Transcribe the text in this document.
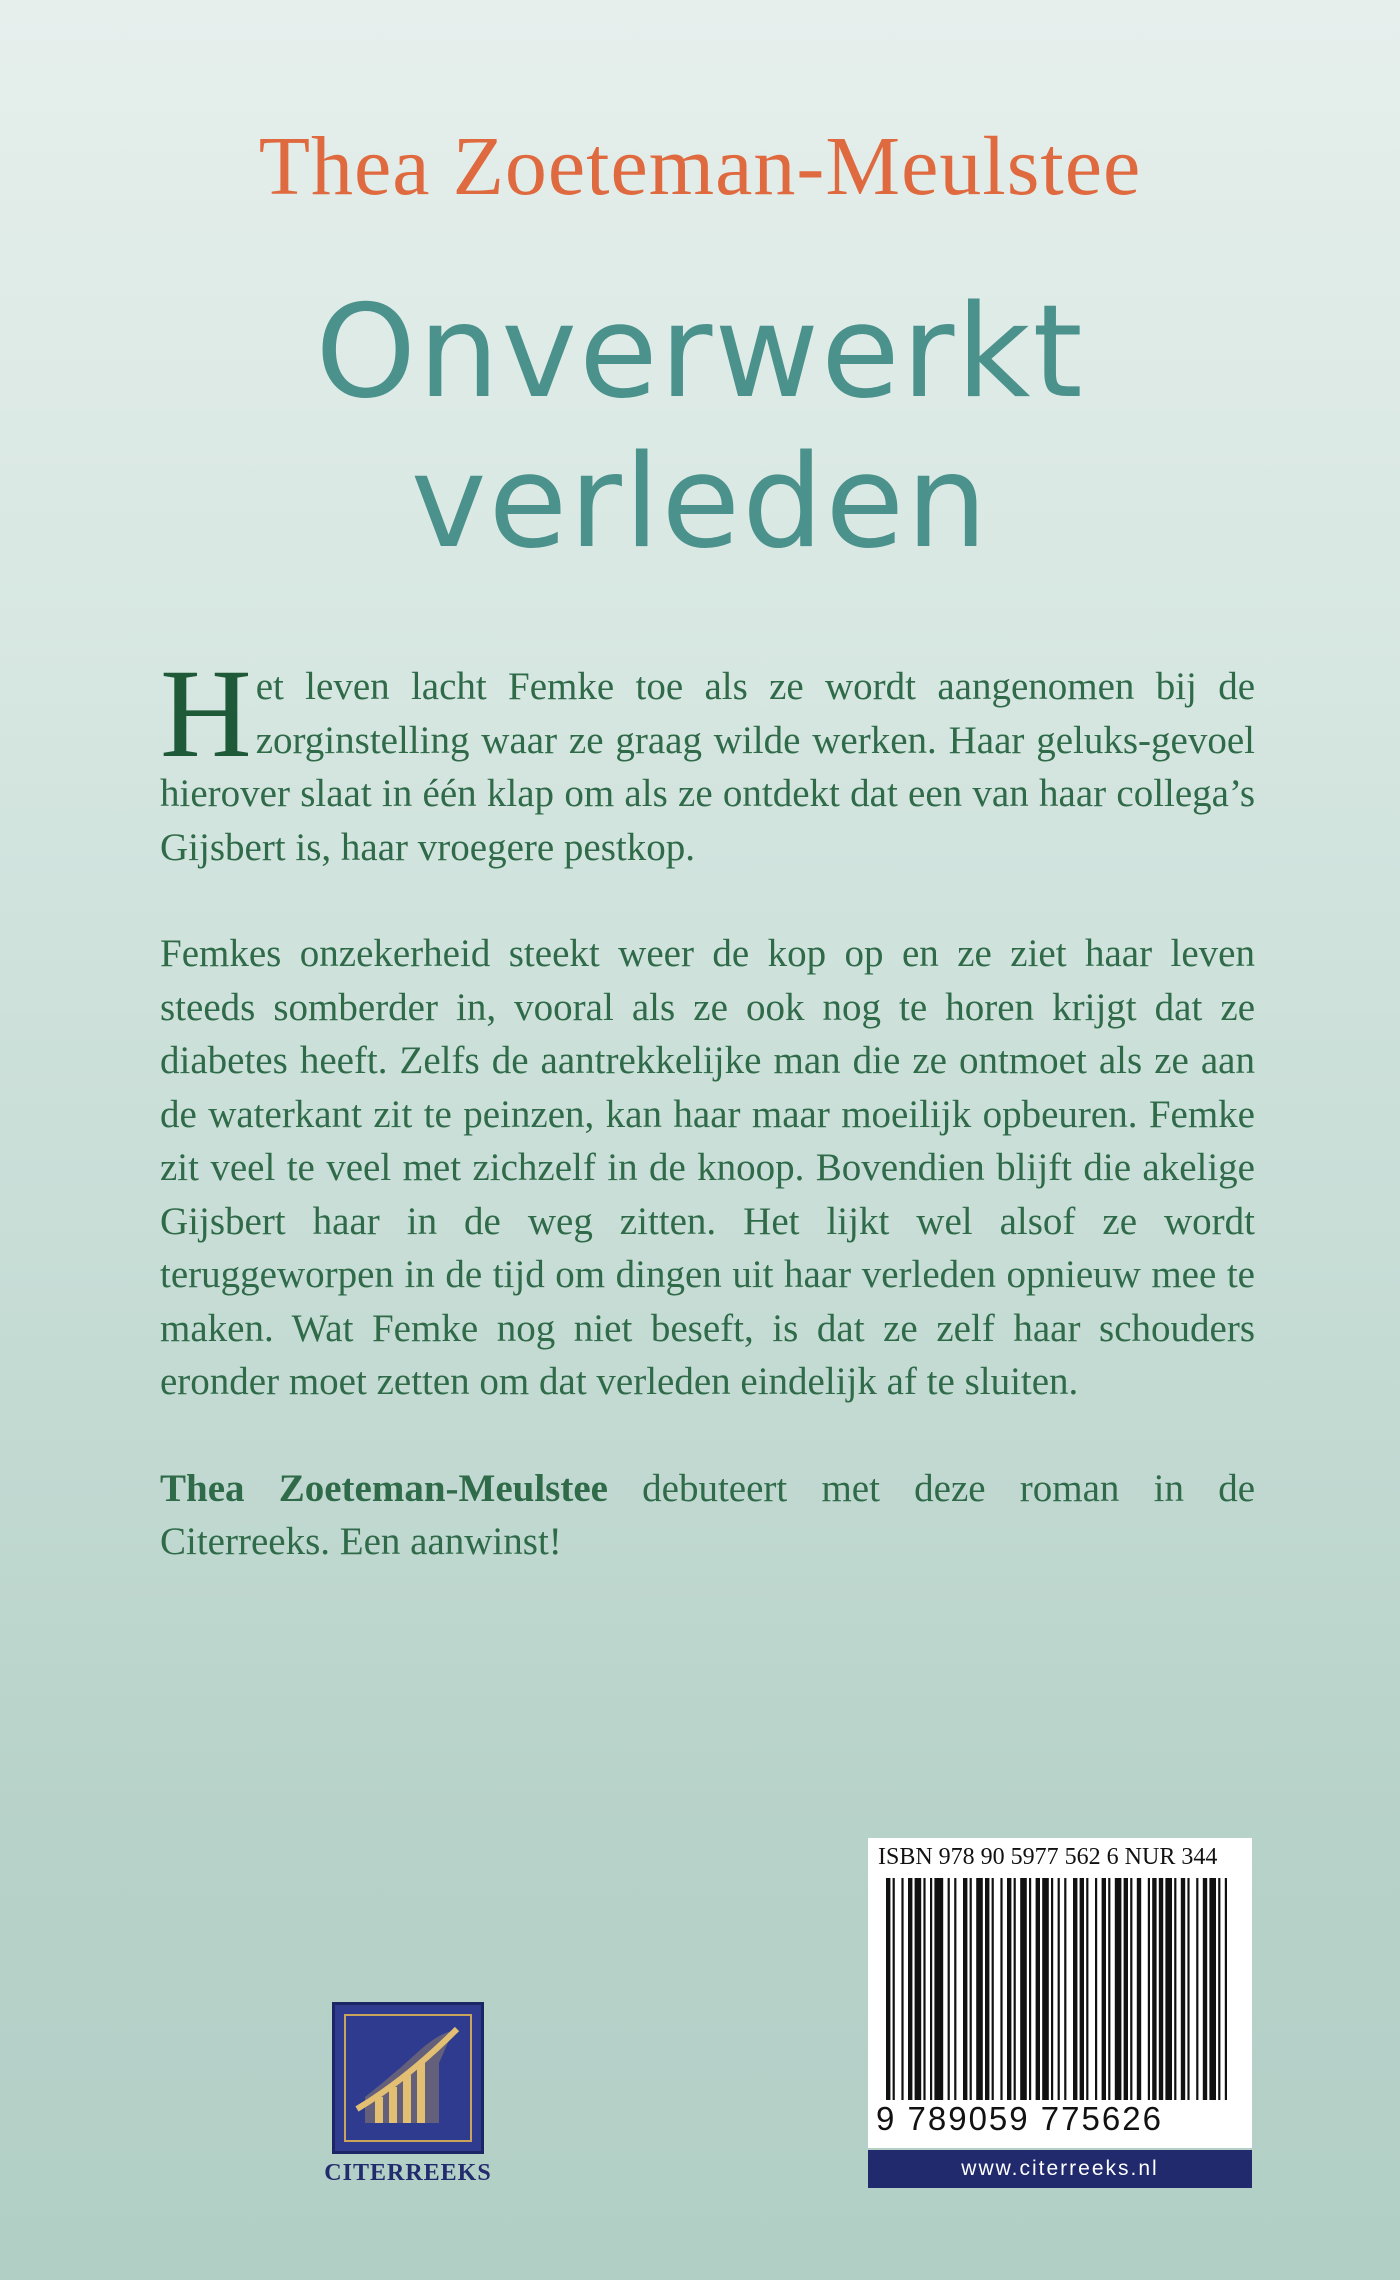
Thea Zoeteman-Meulstee
Onverwerkt
verleden

Het leven lacht Femke toe als ze wordt aangenomen bij de zorginstelling waar ze graag wilde werken. Haar geluks-gevoel hierover slaat in één klap om als ze ontdekt dat een van haar collega’s Gijsbert is, haar vroegere pestkop.

Femkes onzekerheid steekt weer de kop op en ze ziet haar leven steeds somberder in, vooral als ze ook nog te horen krijgt dat ze diabetes heeft. Zelfs de aantrekkelijke man die ze ontmoet als ze aan de waterkant zit te peinzen, kan haar maar moeilijk opbeuren. Femke zit veel te veel met zichzelf in de knoop. Bovendien blijft die akelige Gijsbert haar in de weg zitten. Het lijkt wel alsof ze wordt teruggeworpen in de tijd om dingen uit haar verleden opnieuw mee te maken. Wat Femke nog niet beseft, is dat ze zelf haar schouders eronder moet zetten om dat verleden eindelijk af te sluiten.

Thea Zoeteman-Meulstee debuteert met deze roman in de Citerreeks. Een aanwinst!

CITERREEKS
ISBN 978 90 5977 562 6 NUR 344
9 789059 775626
www.citerreeks.nl
